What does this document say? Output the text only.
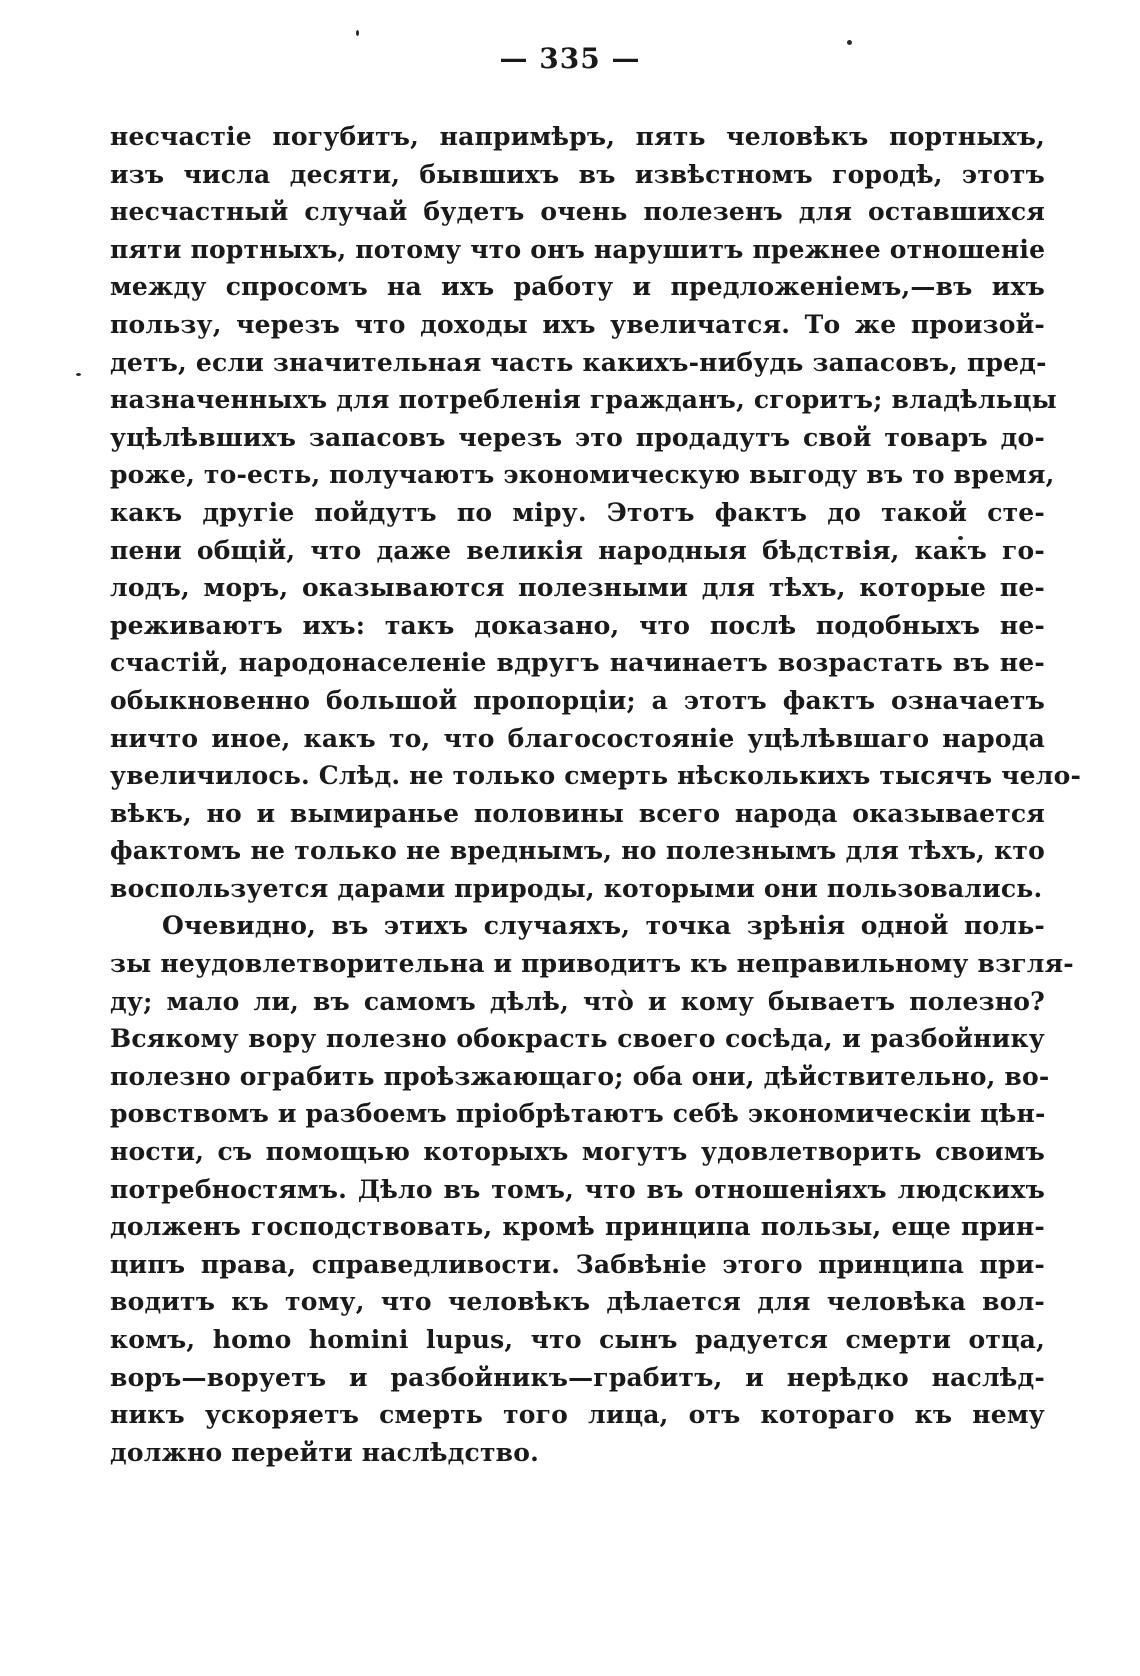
— 335 —
несчастіе погубитъ, напримѣръ, пять человѣкъ портныхъ,
изъ числа десяти, бывшихъ въ извѣстномъ городѣ, этотъ
несчастный случай будетъ очень полезенъ для оставшихся
пяти портныхъ, потому что онъ нарушитъ прежнее отношеніе
между спросомъ на ихъ работу и предложеніемъ,—въ ихъ
пользу, черезъ что доходы ихъ увеличатся. То же произой-
детъ, если значительная часть какихъ-нибудь запасовъ, пред-
назначенныхъ для потребленія гражданъ, сгоритъ; владѣльцы
уцѣлѣвшихъ запасовъ черезъ это продадутъ свой товаръ до-
роже, то-есть, получаютъ экономическую выгоду въ то время,
какъ другіе пойдутъ по міру. Этотъ фактъ до такой сте-
пени общій, что даже великія народныя бѣдствія, какъ го-
лодъ, моръ, оказываются полезными для тѣхъ, которые пе-
реживаютъ ихъ: такъ доказано, что послѣ подобныхъ не-
счастій, народонаселеніе вдругъ начинаетъ возрастать въ не-
обыкновенно большой пропорціи; а этотъ фактъ означаетъ
ничто иное, какъ то, что благосостояніе уцѣлѣвшаго народа
увеличилось. Слѣд. не только смерть нѣсколькихъ тысячъ чело-
вѣкъ, но и вымиранье половины всего народа оказывается
фактомъ не только не вреднымъ, но полезнымъ для тѣхъ, кто
воспользуется дарами природы, которыми они пользовались.
Очевидно, въ этихъ случаяхъ, точка зрѣнія одной поль-
зы неудовлетворительна и приводитъ къ неправильному взгля-
ду; мало ли, въ самомъ дѣлѣ, что̀ и кому бываетъ полезно?
Всякому вору полезно обокрасть своего сосѣда, и разбойнику
полезно ограбить проѣзжающаго; оба они, дѣйствительно, во-
ровствомъ и разбоемъ пріобрѣтаютъ себѣ экономическіи цѣн-
ности, съ помощью которыхъ могутъ удовлетворить своимъ
потребностямъ. Дѣло въ томъ, что въ отношеніяхъ людскихъ
долженъ господствовать, кромѣ принципа пользы, еще прин-
ципъ права, справедливости. Забвѣніе этого принципа при-
водитъ къ тому, что человѣкъ дѣлается для человѣка вол-
комъ, homo homini lupus, что сынъ радуется смерти отца,
воръ—воруетъ и разбойникъ—грабитъ, и нерѣдко наслѣд-
никъ ускоряетъ смерть того лица, отъ котораго къ нему
должно перейти наслѣдство.
